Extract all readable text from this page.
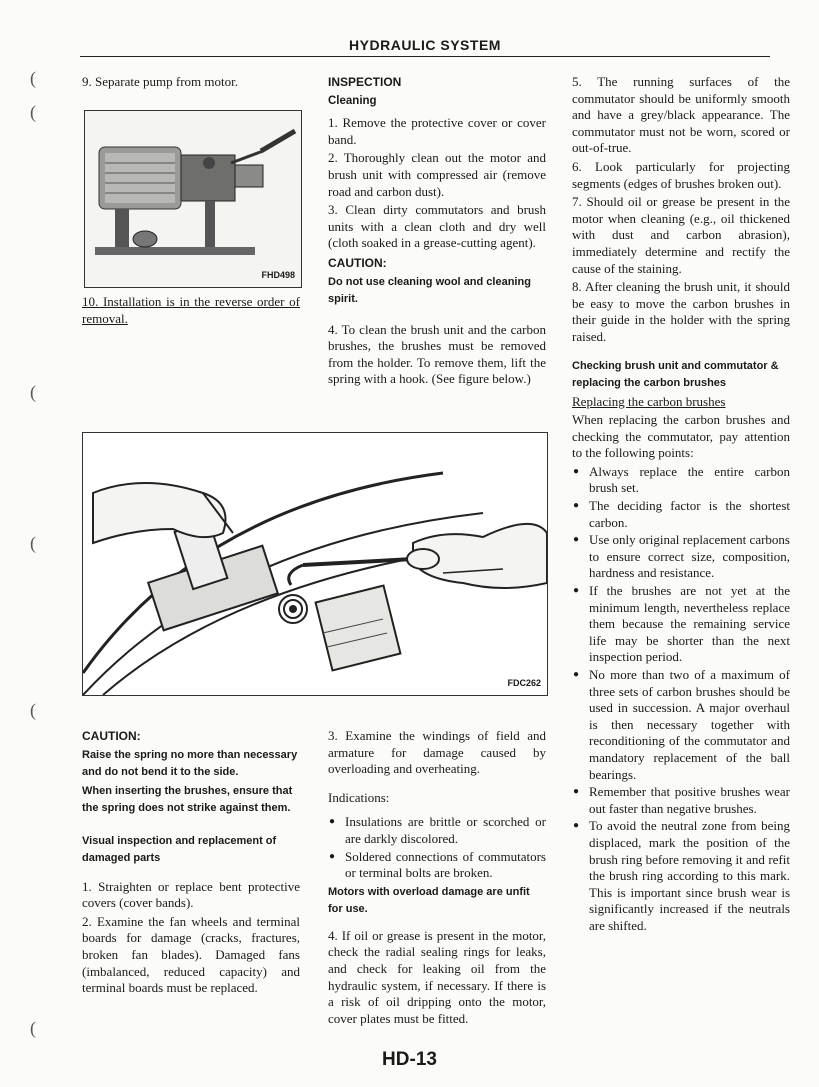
(
(
(
(
(
(
HYDRAULIC SYSTEM

9. Separate pump from motor.

FHD498

10. Installation is in the reverse order of removal.

INSPECTION
Cleaning

1. Remove the protective cover or cover band.

2. Thoroughly clean out the motor and brush unit with compressed air (remove road and carbon dust).

3. Clean dirty commutators and brush units with a clean cloth and dry well (cloth soaked in a grease-cutting agent).

CAUTION:
Do not use cleaning wool and cleaning spirit.

4. To clean the brush unit and the carbon brushes, the brushes must be removed from the holder. To remove them, lift the spring with a hook. (See figure below.)

FDC262

5. The running surfaces of the commutator should be uniformly smooth and have a grey/black appearance. The commutator must not be worn, scored or out-of-true.

6. Look particularly for projecting segments (edges of brushes broken out).

7. Should oil or grease be present in the motor when cleaning (e.g., oil thickened with dust and carbon abrasion), immediately determine and rectify the cause of the staining.

8. After cleaning the brush unit, it should be easy to move the carbon brushes in their guide in the holder with the spring raised.

Checking brush unit and commutator & replacing the carbon brushes

Replacing the carbon brushes

When replacing the carbon brushes and checking the commutator, pay attention to the following points:

● Always replace the entire carbon brush set.
● The deciding factor is the shortest carbon.
● Use only original replacement carbons to ensure correct size, composition, hardness and resistance.
● If the brushes are not yet at the minimum length, nevertheless replace them because the remaining service life may be shorter than the next inspection period.
● No more than two of a maximum of three sets of carbon brushes should be used in succession. A major overhaul is then necessary together with reconditioning of the commutator and mandatory replacement of the ball bearings.
● Remember that positive brushes wear out faster than negative brushes.
● To avoid the neutral zone from being displaced, mark the position of the brush ring before removing it and refit the brush ring according to this mark. This is important since brush wear is significantly increased if the neutrals are shifted.
CAUTION:
Raise the spring no more than necessary and do not bend it to the side.
When inserting the brushes, ensure that the spring does not strike against them.
Visual inspection and replacement of damaged parts

1. Straighten or replace bent protective covers (cover bands).

2. Examine the fan wheels and terminal boards for damage (cracks, fractures, broken fan blades). Damaged fans (imbalanced, reduced capacity) and terminal boards must be replaced.

3. Examine the windings of field and armature for damage caused by overloading and overheating.

Indications:

● Insulations are brittle or scorched or are darkly discolored.
● Soldered connections of commutators or terminal bolts are broken.
Motors with overload damage are unfit for use.

4. If oil or grease is present in the motor, check the radial sealing rings for leaks, and check for leaking oil from the hydraulic system, if necessary. If there is a risk of oil dripping onto the motor, cover plates must be fitted.

HD-13
